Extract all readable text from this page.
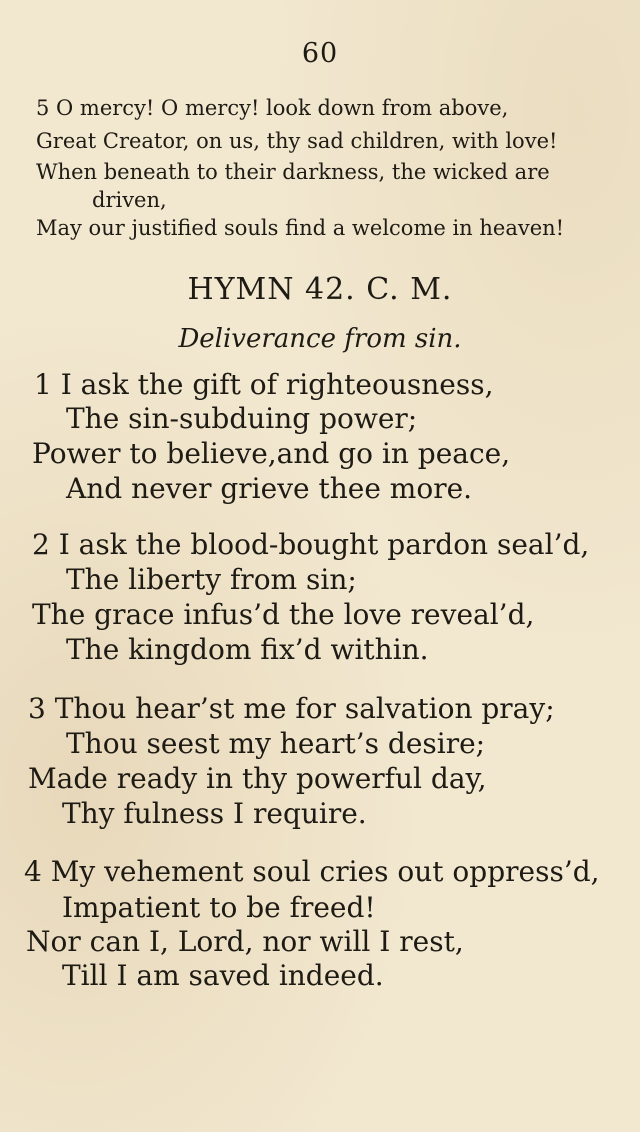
60
5 O mercy! O mercy! look down from above,
Great Creator, on us, thy sad children, with love!
When beneath to their darkness, the wicked are
driven,
May our justified souls find a welcome in heaven!
HYMN 42. C. M.
Deliverance from sin.
1 I ask the gift of righteousness,
The sin-subduing power;
Power to believe,and go in peace,
And never grieve thee more.
2 I ask the blood-bought pardon seal’d,
The liberty from sin;
The grace infus’d the love reveal’d,
The kingdom fix’d within.
3 Thou hear’st me for salvation pray;
Thou seest my heart’s desire;
Made ready in thy powerful day,
Thy fulness I require.
4 My vehement soul cries out oppress’d,
Impatient to be freed!
Nor can I, Lord, nor will I rest,
Till I am saved indeed.
